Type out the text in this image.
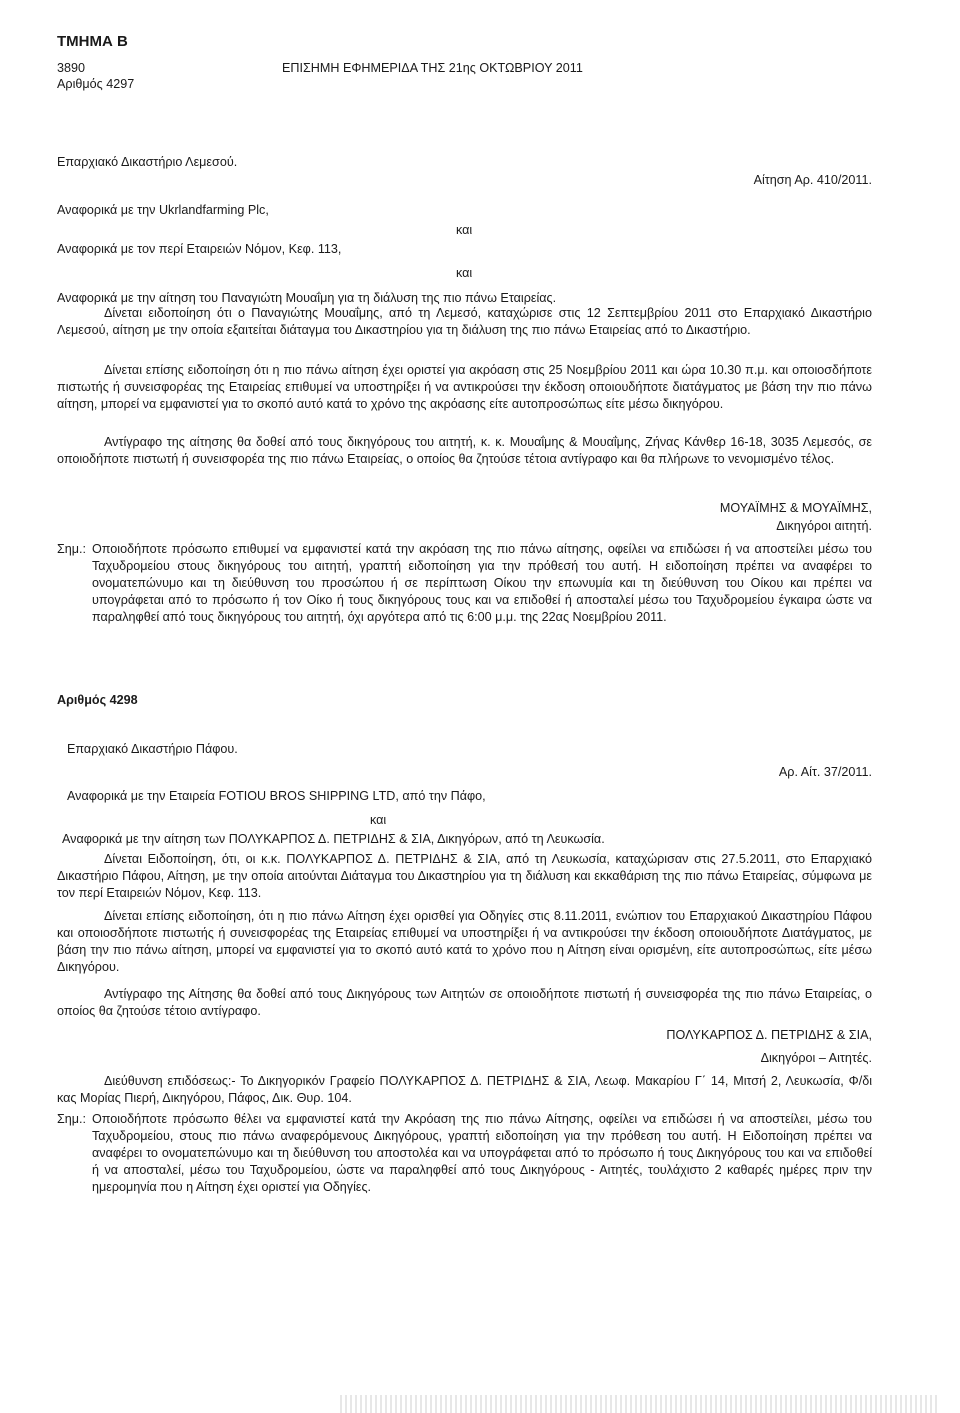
ΤΜΗΜΑ Β
3890	ΕΠΙΣΗΜΗ ΕΦΗΜΕΡΙΔΑ ΤΗΣ 21ης ΟΚΤΩΒΡΙΟΥ 2011
Αριθμός 4297
Επαρχιακό Δικαστήριο Λεμεσού.
Αίτηση Αρ. 410/2011.
Αναφορικά με την Ukrlandfarming Plc,
και
Αναφορικά με τον περί Εταιρειών Νόμον, Κεφ. 113,
και
Αναφορικά με την αίτηση του Παναγιώτη Μουαΐμη για τη διάλυση της πιο πάνω Εταιρείας.
Δίνεται ειδοποίηση ότι ο Παναγιώτης Μουαΐμης, από τη Λεμεσό, καταχώρισε στις 12 Σεπτεμβρίου 2011 στο Επαρχιακό Δικαστήριο Λεμεσού, αίτηση με την οποία εξαιτείται διάταγμα του Δικαστηρίου για τη διάλυση της πιο πάνω Εταιρείας από το Δικαστήριο.
Δίνεται επίσης ειδοποίηση ότι η πιο πάνω αίτηση έχει οριστεί για ακρόαση στις 25 Νοεμβρίου 2011 και ώρα 10.30 π.μ. και οποιοσδήποτε πιστωτής ή συνεισφορέας της Εταιρείας επιθυμεί να υποστηρίξει ή να αντικρούσει την έκδοση οποιουδήποτε διατάγματος με βάση την πιο πάνω αίτηση, μπορεί να εμφανιστεί για το σκοπό αυτό κατά το χρόνο της ακρόασης είτε αυτοπροσώπως είτε μέσω δικηγόρου.
Αντίγραφο της αίτησης θα δοθεί από τους δικηγόρους του αιτητή, κ. κ. Μουαΐμης & Μουαΐμης, Ζήνας Κάνθερ 16-18, 3035 Λεμεσός, σε οποιοδήποτε πιστωτή ή συνεισφορέα της πιο πάνω Εταιρείας, ο οποίος θα ζητούσε τέτοια αντίγραφο και θα πλήρωνε το νενομισμένο τέλος.
ΜΟΥΑΪΜΗΣ & ΜΟΥΑΪΜΗΣ,
Δικηγόροι αιτητή.
Σημ.: Οποιοδήποτε πρόσωπο επιθυμεί να εμφανιστεί κατά την ακρόαση της πιο πάνω αίτησης, οφείλει να επιδώσει ή να αποστείλει μέσω του Ταχυδρομείου στους δικηγόρους του αιτητή, γραπτή ειδοποίηση για την πρόθεσή του αυτή. Η ειδοποίηση πρέπει να αναφέρει το ονοματεπώνυμο και τη διεύθυνση του προσώπου ή σε περίπτωση Οίκου την επωνυμία και τη διεύθυνση του Οίκου και πρέπει να υπογράφεται από το πρόσωπο ή τον Οίκο ή τους δικηγόρους τους και να επιδοθεί ή αποσταλεί μέσω του Ταχυδρομείου έγκαιρα ώστε να παραληφθεί από τους δικηγόρους του αιτητή, όχι αργότερα από τις 6:00 μ.μ. της 22ας Νοεμβρίου 2011.
Αριθμός 4298
Επαρχιακό Δικαστήριο Πάφου.
Αρ. Αίτ. 37/2011.
Αναφορικά με την Εταιρεία FOTIOU BROS SHIPPING LTD, από την Πάφο,
και
Αναφορικά με την αίτηση των ΠΟΛΥΚΑΡΠΟΣ Δ. ΠΕΤΡΙΔΗΣ & ΣΙΑ, Δικηγόρων, από τη Λευκωσία.
Δίνεται Ειδοποίηση, ότι, οι κ.κ. ΠΟΛΥΚΑΡΠΟΣ Δ. ΠΕΤΡΙΔΗΣ & ΣΙΑ, από τη Λευκωσία, καταχώρισαν στις 27.5.2011, στο Επαρχιακό Δικαστήριο Πάφου, Αίτηση, με την οποία αιτούνται Διάταγμα του Δικαστηρίου για τη διάλυση και εκκαθάριση της πιο πάνω Εταιρείας, σύμφωνα με τον περί Εταιρειών Νόμον, Κεφ. 113.
Δίνεται επίσης ειδοποίηση, ότι η πιο πάνω Αίτηση έχει ορισθεί για Οδηγίες στις 8.11.2011, ενώπιον του Επαρχιακού Δικαστηρίου Πάφου και οποιοσδήποτε πιστωτής ή συνεισφορέας της Εταιρείας επιθυμεί να υποστηρίξει ή να αντικρούσει την έκδοση οποιουδήποτε Διατάγματος, με βάση την πιο πάνω αίτηση, μπορεί να εμφανιστεί για το σκοπό αυτό κατά το χρόνο που η Αίτηση είναι ορισμένη, είτε αυτοπροσώπως, είτε μέσω Δικηγόρου.
Αντίγραφο της Αίτησης θα δοθεί από τους Δικηγόρους των Αιτητών σε οποιοδήποτε πιστωτή ή συνεισφορέα της πιο πάνω Εταιρείας, ο οποίος θα ζητούσε τέτοιο αντίγραφο.
ΠΟΛΥΚΑΡΠΟΣ Δ. ΠΕΤΡΙΔΗΣ & ΣΙΑ,
Δικηγόροι – Αιτητές.
Διεύθυνση επιδόσεως:- Το Δικηγορικόν Γραφείο ΠΟΛΥΚΑΡΠΟΣ Δ. ΠΕΤΡΙΔΗΣ & ΣΙΑ, Λεωφ. Μακαρίου Γ΄ 14, Μιτσή 2, Λευκωσία, Φ/δι κας Μορίας Πιερή, Δικηγόρου, Πάφος, Δικ. Θυρ. 104.
Σημ.: Οποιοδήποτε πρόσωπο θέλει να εμφανιστεί κατά την Ακρόαση της πιο πάνω Αίτησης, οφείλει να επιδώσει ή να αποστείλει, μέσω του Ταχυδρομείου, στους πιο πάνω αναφερόμενους Δικηγόρους, γραπτή ειδοποίηση για την πρόθεση του αυτή. Η Ειδοποίηση πρέπει να αναφέρει το ονοματεπώνυμο και τη διεύθυνση του αποστολέα και να υπογράφεται από το πρόσωπο ή τους Δικηγόρους του και να επιδοθεί ή να αποσταλεί, μέσω του Ταχυδρομείου, ώστε να παραληφθεί από τους Δικηγόρους - Αιτητές, τουλάχιστο 2 καθαρές ημέρες πριν την ημερομηνία που η Αίτηση έχει οριστεί για Οδηγίες.
